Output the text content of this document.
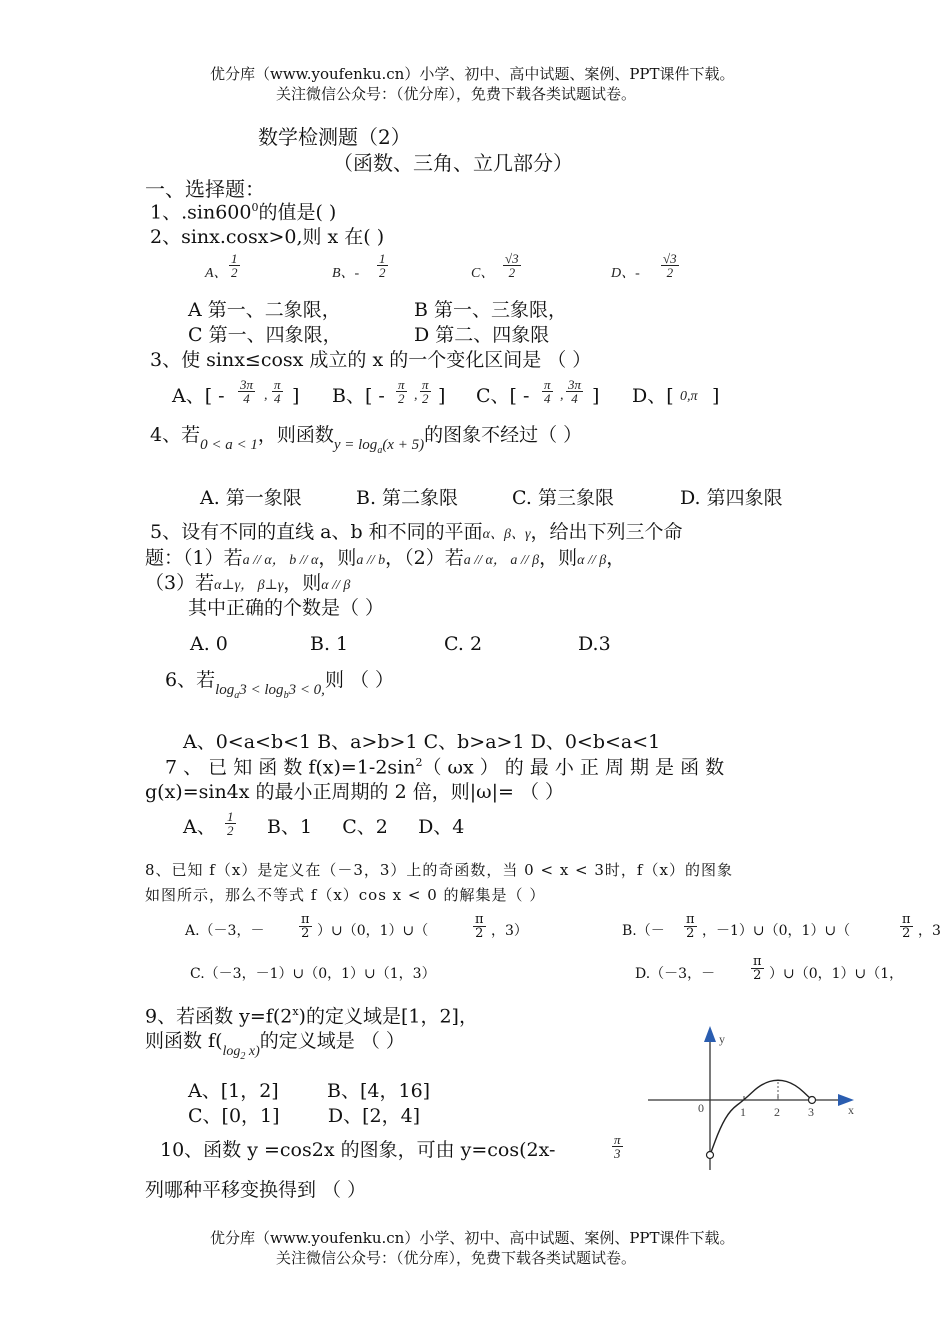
优分库（www.youfenku.cn）小学、初中、高中试题、案例、PPT课件下载。
关注微信公众号：（优分库），免费下载各类试题试卷。
数学检测题（2）
（函数、三角、立几部分）
一、选择题：
1、$.\sin 600^0$的值是( )
2、sinx.cosx>0,则 x 在( )
A、 $\frac{1}{2}$	B、- $\frac{1}{2}$	C、 $\frac{√3}{2}$	D、- $\frac{√3}{2}$
A 第一、二象限，	B 第一、三象限，
C 第一、四象限，	D 第二、四象限
3、使 sinx≤cosx 成立的 x 的一个变化区间是 （ ）
A、[ - $\frac{3\pi}{4}$ , $\frac{\pi}{4}$ ] B、[ - $\frac{\pi}{2}$ , $\frac{\pi}{2}$ ] C、[ - $\frac{\pi}{4}$ , $\frac{3\pi}{4}$ ] D、[ 0,π ]
4、若$_{0 < a < 1}$，则函数$_{y = log_a(x + 5)}$的图象不经过（ ）
A. 第一象限	B. 第二象限	C. 第三象限	D. 第四象限
5、设有不同的直线 a、b 和不同的平面α、β、γ，给出下列三个命
题：（1）若a // α， b // α，则a // b，（2）若a // α， a // β，则α // β，
（3）若α⊥γ， β⊥γ，则α // β
其中正确的个数是（ ）
A. 0	B. 1	C. 2	D.3
6、若$_{log_a3 < log_b3 < 0,}$则 （ ）
A、0<a<b<1 B、a>b>1 C、b>a>1 D、0<b<a<1
7 、 已 知 函 数 $f(x)=1-2\sin^2$（ ωx ） 的 最 小 正 周 期 是 函 数
g(x)=sin4x 的最小正周期的 2 倍，则|ω|= （ ）
A、 $\frac{1}{2}$ B、1     C、2     D、4
8、已知 f（x）是定义在（－3，3）上的奇函数，当 0 < x < 3时，f（x）的图象
如图所示，那么不等式 f（x）cos x < 0 的解集是（ ）
A.（－3，－	$\frac{\pi}{2}$ ）∪（0，1）∪（	$\frac{\pi}{2}$ ，3）	$B.(- \frac{\pi}{2}$ ，－1）∪（0，1）∪（	$\frac{\pi}{2}$ ，3
C.（－3，－1）∪（0，1）∪（1，3）	D.（－3，－	$\frac{\pi}{2}$ ）∪（0，1）∪（1，
9、若函数 $y=f(2^x)$的定义域是[1，2]，
则函数 $f(_{log_2 x)}$的定义域是 （ ）
A、[1，2]        B、[4，16]
C、[0，1]        D、[2，4]
y
x
0	1 2 3
10、函数 y =cos2x 的图象，可由 y=cos(2x-	$\frac{\pi}{3}$
列哪种平移变换得到 （ ）
优分库（www.youfenku.cn）小学、初中、高中试题、案例、PPT课件下载。
关注微信公众号：（优分库），免费下载各类试题试卷。
